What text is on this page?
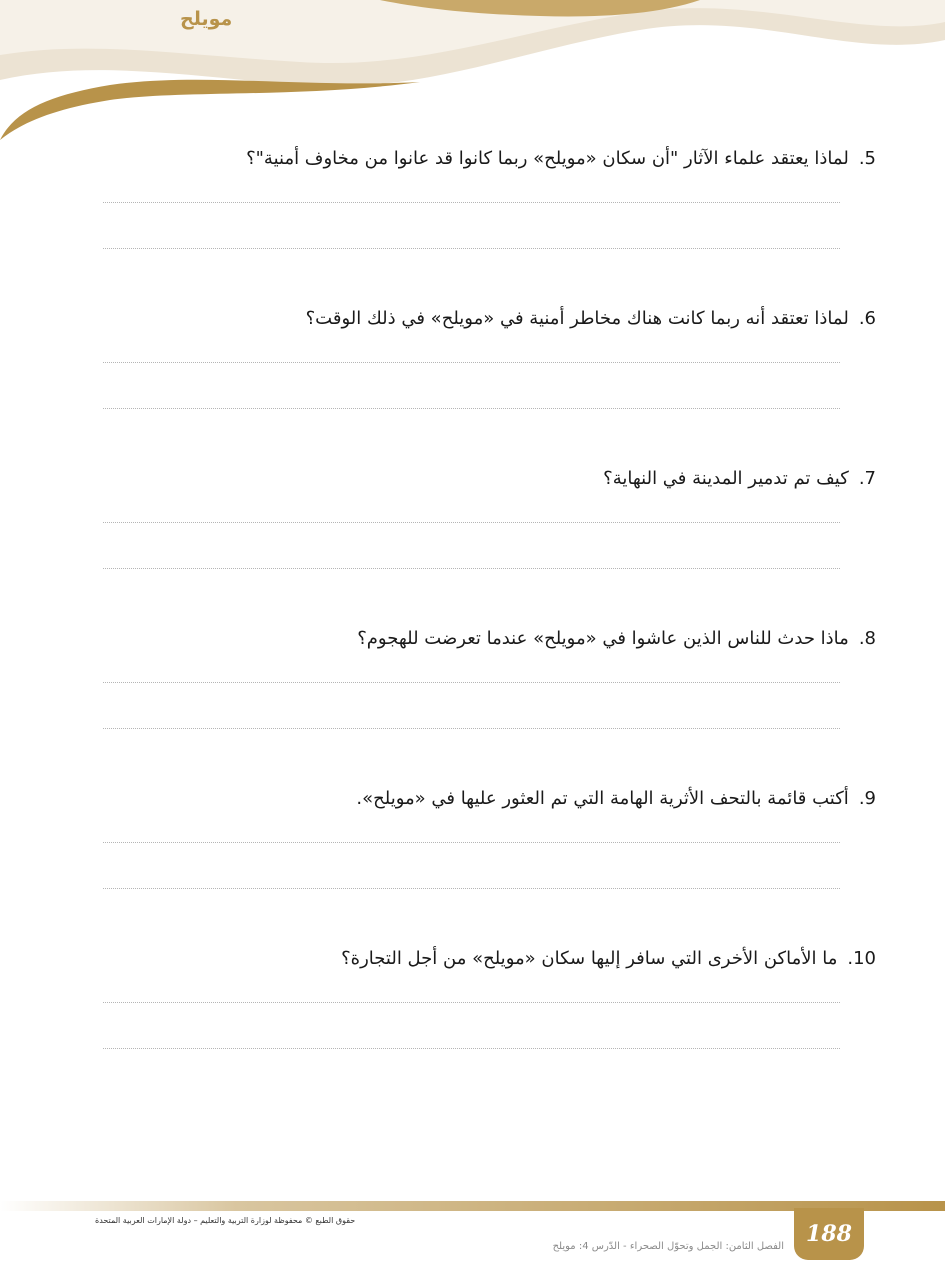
مويلح
5.لماذا يعتقد علماء الآثار "أن سكان «مويلح» ربما كانوا قد عانوا من مخاوف أمنية"؟
6.لماذا تعتقد أنه ربما كانت هناك مخاطر أمنية في «مويلح» في ذلك الوقت؟
7.كيف تم تدمير المدينة في النهاية؟
8.ماذا حدث للناس الذين عاشوا في «مويلح» عندما تعرضت للهجوم؟
9.أكتب قائمة بالتحف الأثرية الهامة التي تم العثور عليها في «مويلح».
10.ما الأماكن الأخرى التي سافر إليها سكان «مويلح» من أجل التجارة؟
188
حقوق الطبع © محفوظة لوزارة التربية والتعليم – دولة الإمارات العربية المتحدة
الفصل الثامن: الجمل وتحوّل الصحراء - الدّرس 4: مويلح
